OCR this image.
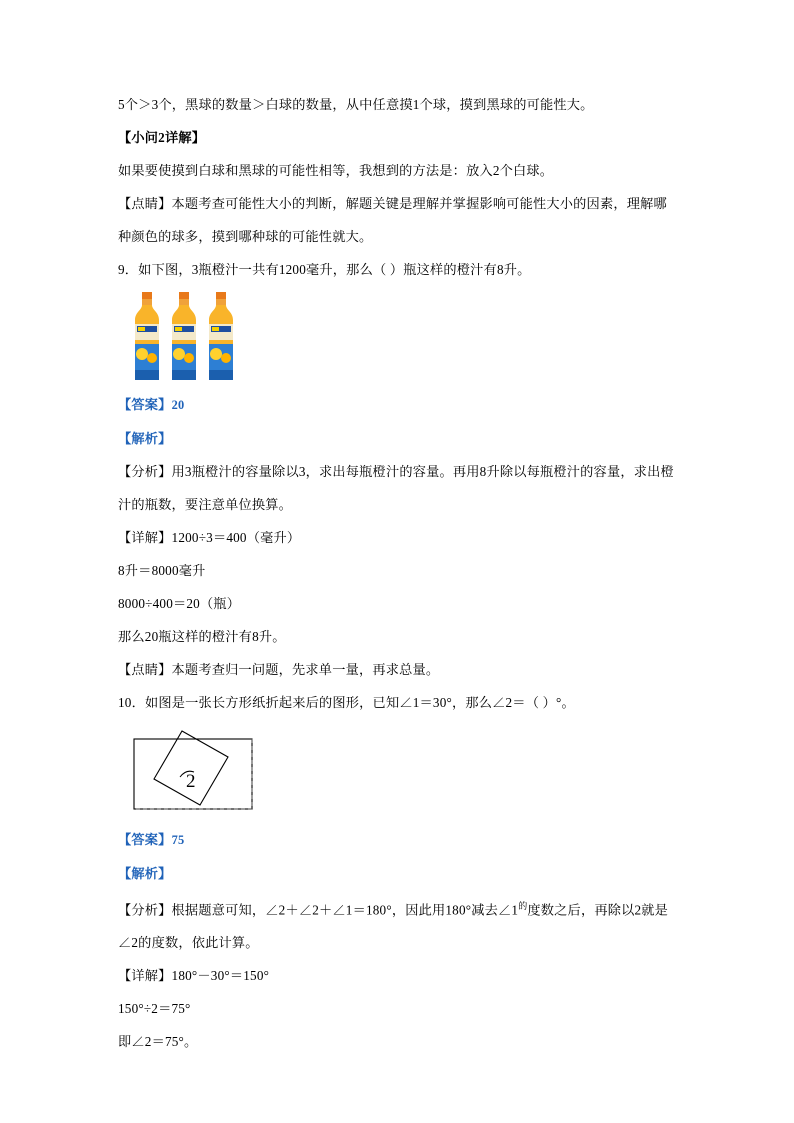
5个＞3个，黑球的数量＞白球的数量，从中任意摸1个球，摸到黑球的可能性大。
【小问2详解】
如果要使摸到白球和黑球的可能性相等，我想到的方法是：放入2个白球。
【点睛】本题考查可能性大小的判断，解题关键是理解并掌握影响可能性大小的因素，理解哪种颜色的球多，摸到哪种球的可能性就大。
9．如下图，3瓶橙汁一共有1200毫升，那么（ ）瓶这样的橙汁有8升。
【答案】20
【解析】
【分析】用3瓶橙汁的容量除以3，求出每瓶橙汁的容量。再用8升除以每瓶橙汁的容量，求出橙汁的瓶数，要注意单位换算。
【详解】1200÷3＝400（毫升）
8升＝8000毫升
8000÷400＝20（瓶）
那么20瓶这样的橙汁有8升。
【点睛】本题考查归一问题，先求单一量，再求总量。
10．如图是一张长方形纸折起来后的图形，已知∠1＝30°，那么∠2＝（ ）°。
2
【答案】75
【解析】
【分析】根据题意可知，∠2＋∠2＋∠1＝180°，因此用180°减去$\angle 1^的$度数之后，再除以2就是∠2的度数，依此计算。
【详解】180°－30°＝150°
150°÷2＝75°
即∠2＝75°。
